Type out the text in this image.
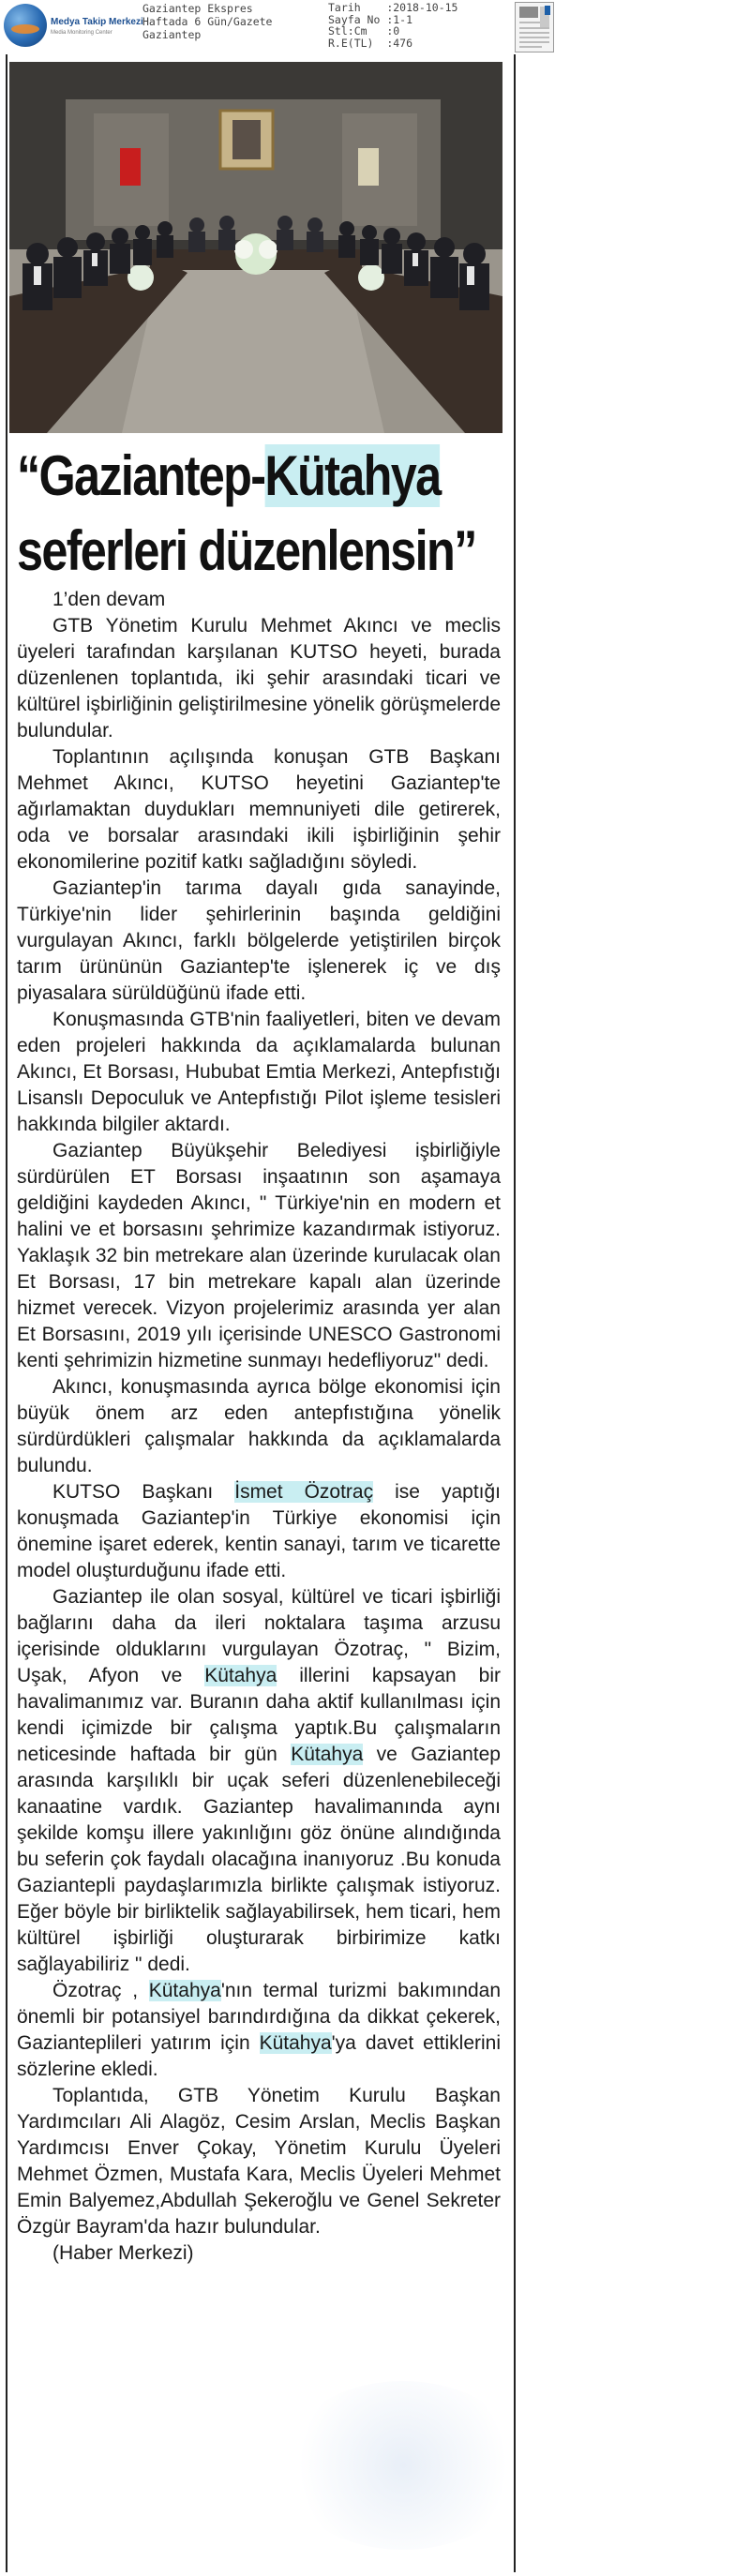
Medya Takip Merkezi
Media Monitoring Center
Gaziantep Ekspres
Haftada 6 Gün/Gazete
Gaziantep
Tarih    :2018-10-15
Sayfa No :1-1
Stl:Cm   :0
R.E(TL)  :476
“Gaziantep-Kütahya
seferleri düzenlensin”

1’den devam

GTB Yönetim Kurulu Mehmet Akıncı ve meclis üyeleri tarafından karşılanan KUTSO heyeti, burada düzenlenen toplantıda, iki şehir arasındaki ticari ve kültürel işbirliğinin geliştirilmesine yönelik görüşmelerde bulundular.

Toplantının açılışında konuşan GTB Başkanı Mehmet Akıncı, KUTSO heyetini Gaziantep'te ağırlamaktan duydukları memnuniyeti dile getirerek, oda ve borsalar arasındaki ikili işbirliğinin şehir ekonomilerine pozitif katkı sağladığını söyledi.

Gaziantep'in tarıma dayalı gıda sanayinde, Türkiye'nin lider şehirlerinin başında geldiğini vurgulayan Akıncı, farklı bölgelerde yetiştirilen birçok tarım ürününün Gaziantep'te işlenerek iç ve dış piyasalara sürüldüğünü ifade etti.

Konuşmasında GTB'nin faaliyetleri, biten ve devam eden projeleri hakkında da açıklamalarda bulunan Akıncı, Et Borsası, Hububat Emtia Merkezi, Antepfıstığı Lisanslı Depoculuk ve Antepfıstığı Pilot işleme tesisleri hakkında bilgiler aktardı.

Gaziantep Büyükşehir Belediyesi işbirliğiyle sürdürülen ET Borsası inşaatının son aşamaya geldiğini kaydeden Akıncı, " Türkiye'nin en modern et halini ve et borsasını şehrimize kazandırmak istiyoruz. Yaklaşık 32 bin metrekare alan üzerinde kurulacak olan Et Borsası, 17 bin metrekare kapalı alan üzerinde hizmet verecek. Vizyon projelerimiz arasında yer alan Et Borsasını, 2019 yılı içerisinde UNESCO Gastronomi kenti şehrimizin hizmetine sunmayı hedefliyoruz" dedi.

Akıncı, konuşmasında ayrıca bölge ekonomisi için büyük önem arz eden antepfıstığına yönelik sürdürdükleri çalışmalar hakkında da açıklamalarda bulundu.

KUTSO Başkanı İsmet Özotraç ise yaptığı konuşmada Gaziantep'in Türkiye ekonomisi için önemine işaret ederek, kentin sanayi, tarım ve ticarette model oluşturduğunu ifade etti.

Gaziantep ile olan sosyal, kültürel ve ticari işbirliği bağlarını daha da ileri noktalara taşıma arzusu içerisinde olduklarını vurgulayan Özotraç, " Bizim, Uşak, Afyon ve Kütahya illerini kapsayan bir havalimanımız var. Buranın daha aktif kullanılması için kendi içimizde bir çalışma yaptık.Bu çalışmaların neticesinde haftada bir gün Kütahya ve Gaziantep arasında karşılıklı bir uçak seferi düzenlenebileceği kanaatine vardık. Gaziantep havalimanında aynı şekilde komşu illere yakınlığını göz önüne alındığında bu seferin çok faydalı olacağına inanıyoruz .Bu konuda Gaziantepli paydaşlarımızla birlikte çalışmak istiyoruz. Eğer böyle bir birliktelik sağlayabilirsek, hem ticari, hem kültürel işbirliği oluşturarak birbirimize katkı sağlayabiliriz " dedi.

Özotraç , Kütahya'nın termal turizmi bakımından önemli bir potansiyel barındırdığına da dikkat çekerek, Gazianteplileri yatırım için Kütahya'ya davet ettiklerini sözlerine ekledi.

Toplantıda, GTB Yönetim Kurulu Başkan Yardımcıları Ali Alagöz, Cesim Arslan, Meclis Başkan Yardımcısı Enver Çokay, Yönetim Kurulu Üyeleri Mehmet Özmen, Mustafa Kara, Meclis Üyeleri Mehmet Emin Balyemez,Abdullah Şekeroğlu ve Genel Sekreter Özgür Bayram'da hazır bulundular.

(Haber Merkezi)
